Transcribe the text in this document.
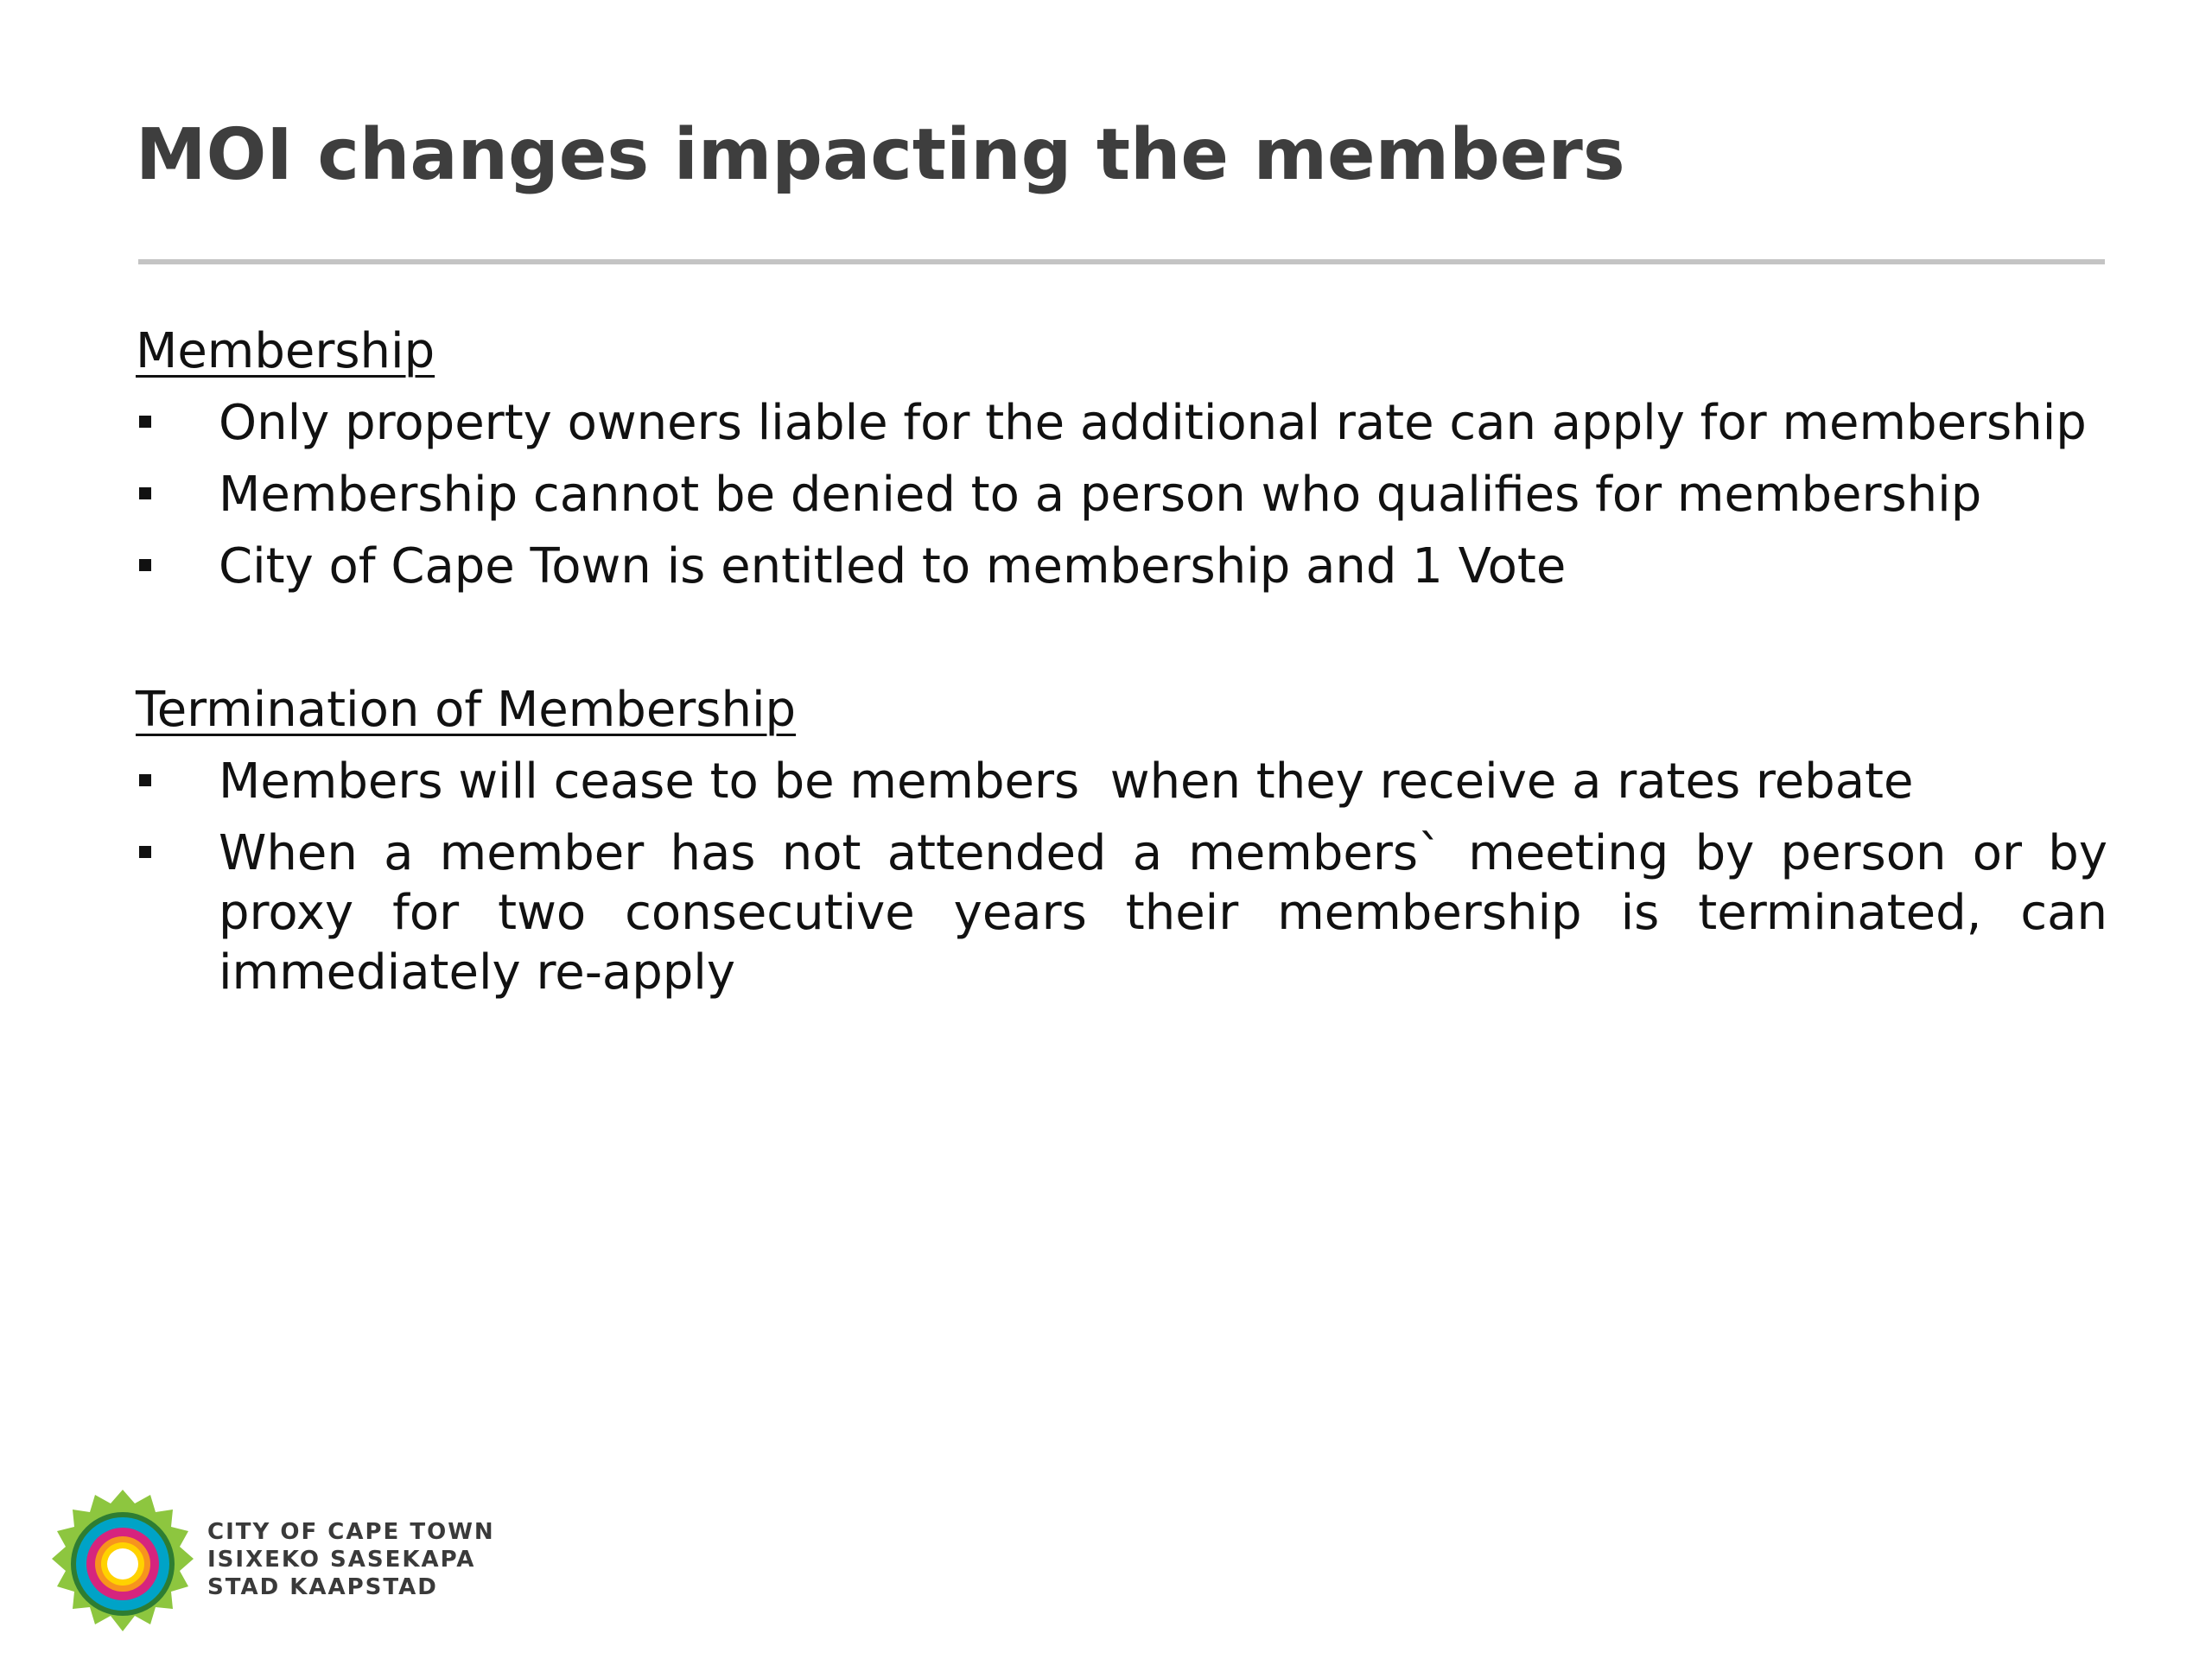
MOI changes impacting the members
Membership
Only property owners liable for the additional rate can apply for membership
Membership cannot be denied to a person who qualifies for membership
City of Cape Town is entitled to membership and 1 Vote
Termination of Membership
Members will cease to be members  when they receive a rates rebate
When a member has not attended a members` meeting by person or by proxy for two consecutive years their membership is terminated, can immediately re-apply
CITY OF CAPE TOWN
ISIXEKO SASEKAPA
STAD KAAPSTAD
